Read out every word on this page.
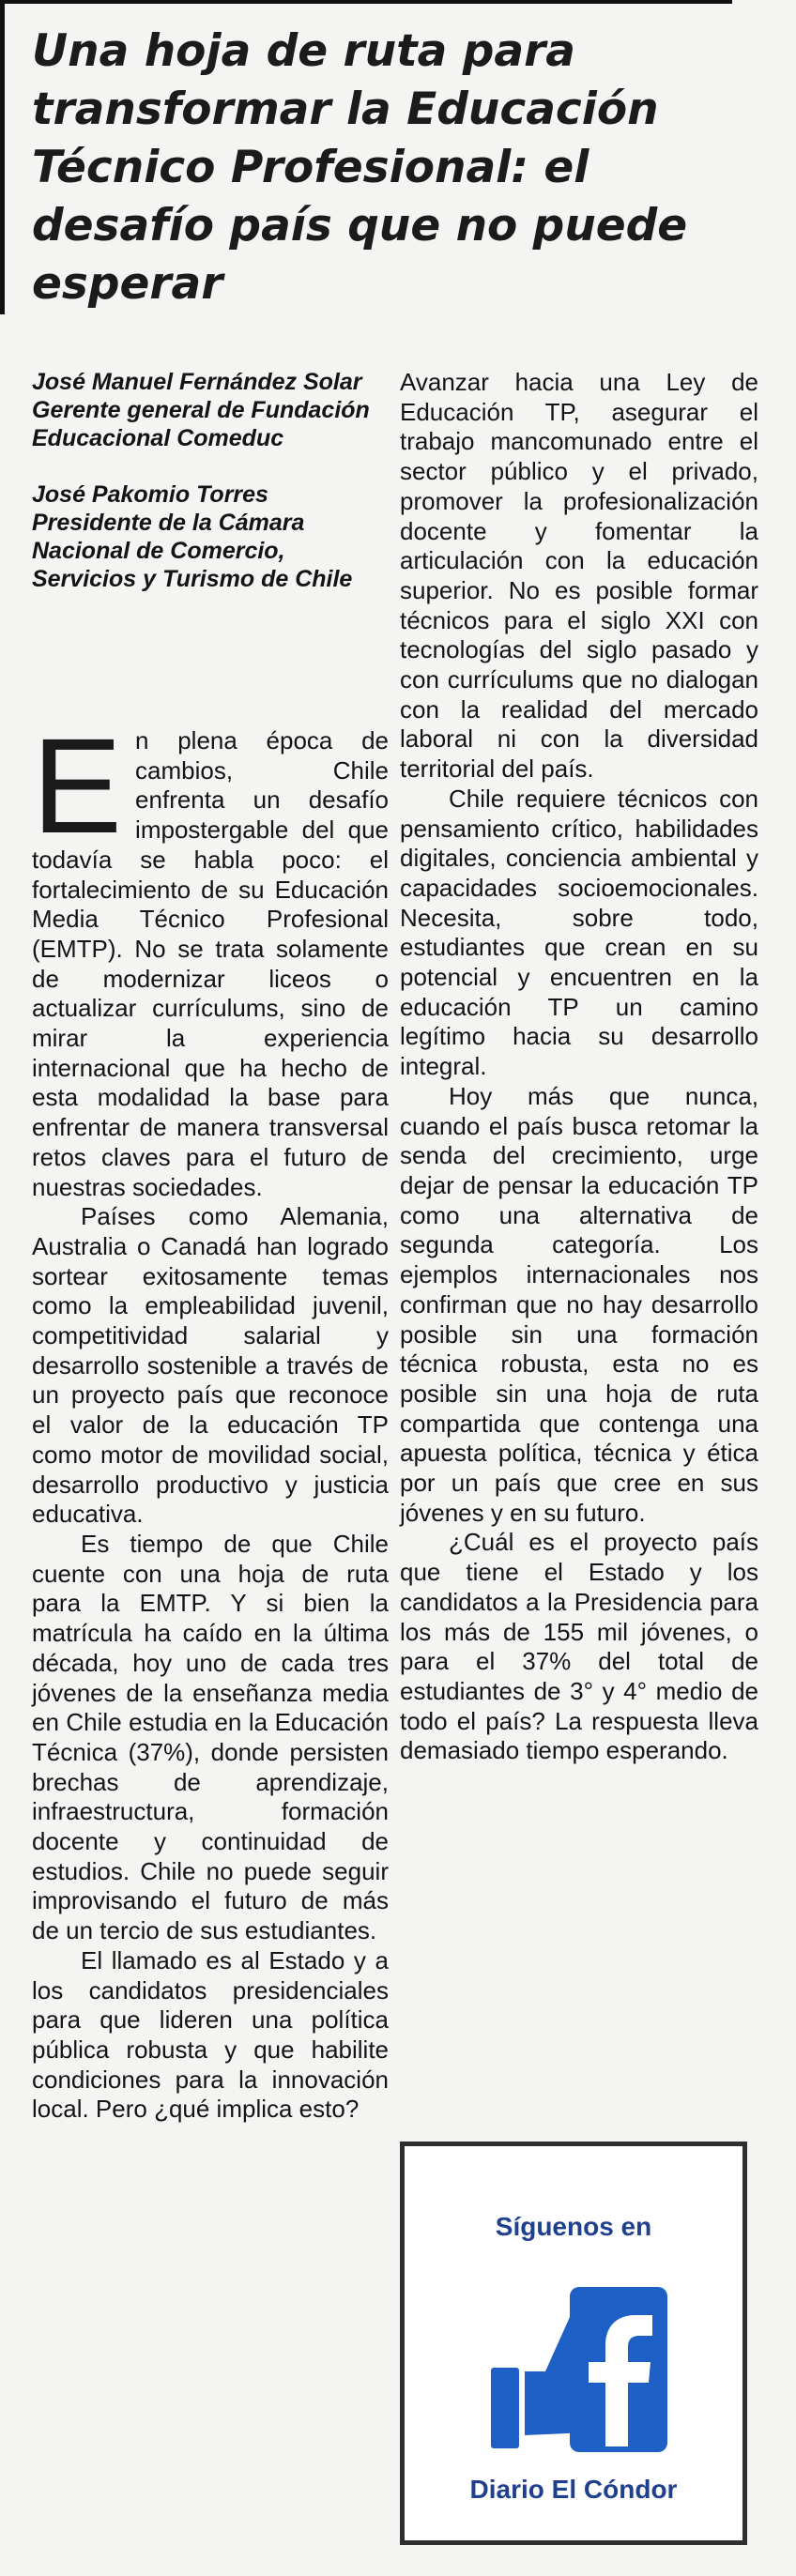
Una hoja de ruta para transformar la Educación Técnico Profesional: el desafío país que no puede esperar
José Manuel Fernández Solar
Gerente general de Fundación Educacional Comeduc
José Pakomio Torres
Presidente de la Cámara Nacional de Comercio, Servicios y Turismo de Chile

En plena época de cambios, Chile enfrenta un desafío impostergable del que todavía se habla poco: el fortalecimiento de su Educación Media Técnico Profesional (EMTP). No se trata solamente de modernizar liceos o actualizar currículums, sino de mirar la experiencia internacional que ha hecho de esta modalidad la base para enfrentar de manera transversal retos claves para el futuro de nuestras sociedades.

Países como Alemania, Australia o Canadá han logrado sortear exitosamente temas como la empleabilidad juvenil, competitividad salarial y desarrollo sostenible a través de un proyecto país que reconoce el valor de la educación TP como motor de movilidad social, desarrollo productivo y justicia educativa.

Es tiempo de que Chile cuente con una hoja de ruta para la EMTP. Y si bien la matrícula ha caído en la última década, hoy uno de cada tres jóvenes de la enseñanza media en Chile estudia en la Educación Técnica (37%), donde persisten brechas de aprendizaje, infraestructura, formación docente y continuidad de estudios. Chile no puede seguir improvisando el futuro de más de un tercio de sus estudiantes.

El llamado es al Estado y a los candidatos presidenciales para que lideren una política pública robusta y que habilite condiciones para la innovación local. Pero ¿qué implica esto?

Avanzar hacia una Ley de Educación TP, asegurar el trabajo mancomunado entre el sector público y el privado, promover la profesionalización docente y fomentar la articulación con la educación superior. No es posible formar técnicos para el siglo XXI con tecnologías del siglo pasado y con currículums que no dialogan con la realidad del mercado laboral ni con la diversidad territorial del país.

Chile requiere técnicos con pensamiento crítico, habilidades digitales, conciencia ambiental y capacidades socioemocionales. Necesita, sobre todo, estudiantes que crean en su potencial y encuentren en la educación TP un camino legítimo hacia su desarrollo integral.

Hoy más que nunca, cuando el país busca retomar la senda del crecimiento, urge dejar de pensar la educación TP como una alternativa de segunda categoría. Los ejemplos internacionales nos confirman que no hay desarrollo posible sin una formación técnica robusta, esta no es posible sin una hoja de ruta compartida que contenga una apuesta política, técnica y ética por un país que cree en sus jóvenes y en su futuro.

¿Cuál es el proyecto país que tiene el Estado y los candidatos a la Presidencia para los más de 155 mil jóvenes, o para el 37% del total de estudiantes de 3° y 4° medio de todo el país? La respuesta lleva demasiado tiempo esperando.

Síguenos en
Diario El Cóndor
